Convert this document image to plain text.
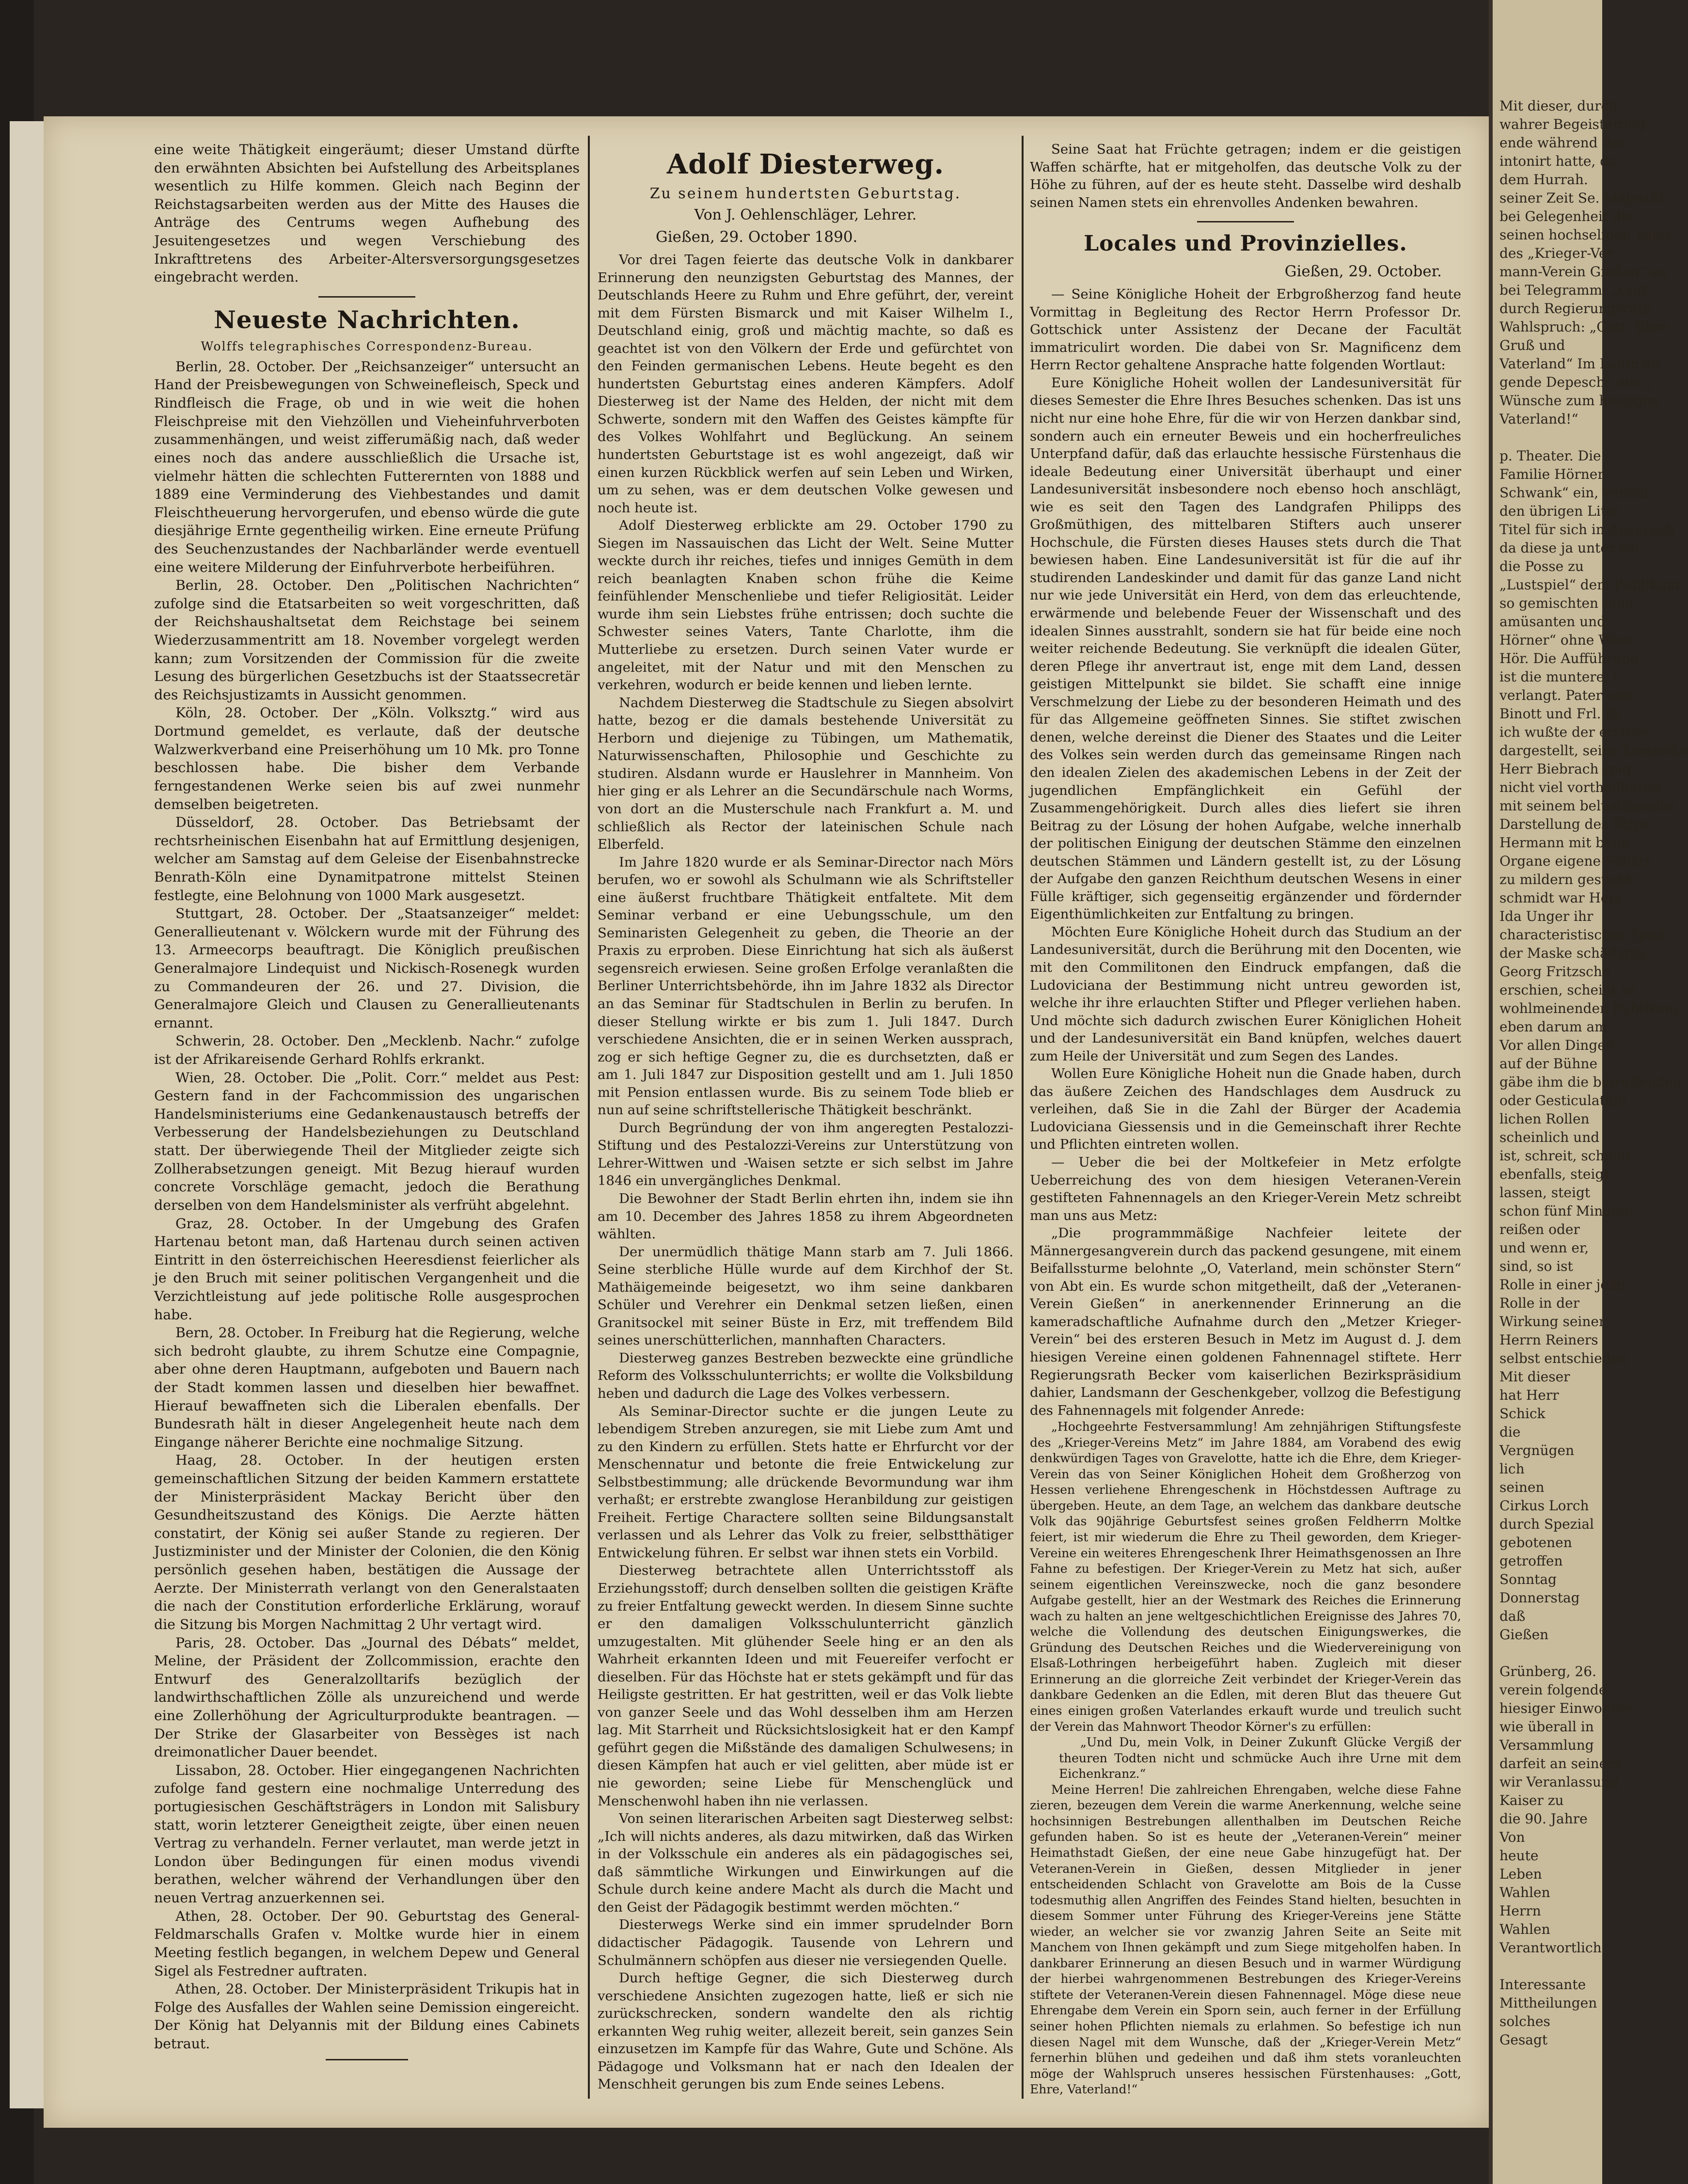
Mit dieser, durch
wahrer Begeisterung
ende während der
intonirt hatte, da
dem Hurrah.
seiner Zeit Se. Majestät
bei Gelegenheit der
seinen hochseligen Vater
des „Krieger-Ver
mann-Verein Gießen“ an
bei Telegramm: „Gott,
durch Regierungsrath
Wahlspruch: „Gott, Ehre
Gruß und
Vaterland“ Im Laufe de
gende Depesche ein: „
Wünsche zum heutigen
Vaterland!“

p. Theater. Die
Familie Hörner
Schwank“ ein, versch
den übrigen Liter
Titel für sich in Anspruch
da diese ja unter sol
die Posse zu
„Lustspiel“ dem Publikum
so gemischten Sinn
amüsanten und
Hörner“ ohne Wenn
Hör. Die Aufführung
ist die muntere, u
verlangt. Pater und
Binott und Frl. Bi
ich wußte der erstere
dargestellt, seine komische
Herr Biebrach zeig
nicht viel vortheilhafter
mit seinem belustigenden
Darstellung des Schwi
Hermann mit beim
Organe eigene Schärf
zu mildern gesucht
schmidt war Herr
Ida Unger ihr
characteristisches Spiel
der Maske schädigte.
Georg Fritzsche
erschien, scheint es
wohlmeinenden Publikum
eben darum am
Vor allen Dingen
auf der Bühne
gäbe ihm die betreffenden
oder Gesticulation
lichen Rollen
scheinlich und
ist, schreit, schnell
ebenfalls, steigt
lassen, steigt
schon fünf Minuten
reißen oder
und wenn er,
sind, so ist
Rolle in einer jede
Rolle in der
Wirkung seiner
Herrn Reiners
selbst entschieden
Mit dieser
hat Herr
Schick
die
Vergnügen
lich
seinen
Cirkus Lorch
durch Spezial
gebotenen
getroffen
Sonntag
Donnerstag
daß
Gießen

Grünberg, 26.
verein folgende
hiesiger Einwohner
wie überall in
Versammlung
darfeit an seinem
wir Veranlassung
Kaiser zu
die 90. Jahre
Von
heute
Leben
Wahlen
Herrn
Wahlen
Verantwortlich

Interessante
Mittheilungen
solches
Gesagt

eine weite Thätigkeit eingeräumt; dieser Umstand dürfte den erwähnten Absichten bei Aufstellung des Arbeitsplanes wesentlich zu Hilfe kommen. Gleich nach Beginn der Reichstagsarbeiten werden aus der Mitte des Hauses die Anträge des Centrums wegen Aufhebung des Jesuitengesetzes und wegen Verschiebung des Inkrafttretens des Arbeiter-Altersversorgungsgesetzes eingebracht werden.

Neueste Nachrichten.
Wolffs telegraphisches Correspondenz-Bureau.

Berlin, 28. October. Der „Reichsanzeiger“ untersucht an Hand der Preisbewegungen von Schweinefleisch, Speck und Rindfleisch die Frage, ob und in wie weit die hohen Fleischpreise mit den Viehzöllen und Vieheinfuhrverboten zusammenhängen, und weist zifferumäßig nach, daß weder eines noch das andere ausschließlich die Ursache ist, vielmehr hätten die schlechten Futterernten von 1888 und 1889 eine Verminderung des Viehbestandes und damit Fleischtheuerung hervorgerufen, und ebenso würde die gute diesjährige Ernte gegentheilig wirken. Eine erneute Prüfung des Seuchenzustandes der Nachbarländer werde eventuell eine weitere Milderung der Einfuhrverbote herbeiführen.

Berlin, 28. October. Den „Politischen Nachrichten“ zufolge sind die Etatsarbeiten so weit vorgeschritten, daß der Reichshaushaltsetat dem Reichstage bei seinem Wiederzusammentritt am 18. November vorgelegt werden kann; zum Vorsitzenden der Commission für die zweite Lesung des bürgerlichen Gesetzbuchs ist der Staatssecretär des Reichsjustizamts in Aussicht genommen.

Köln, 28. October. Der „Köln. Volksztg.“ wird aus Dortmund gemeldet, es verlaute, daß der deutsche Walzwerkverband eine Preiserhöhung um 10 Mk. pro Tonne beschlossen habe. Die bisher dem Verbande ferngestandenen Werke seien bis auf zwei nunmehr demselben beigetreten.

Düsseldorf, 28. October. Das Betriebsamt der rechtsrheinischen Eisenbahn hat auf Ermittlung desjenigen, welcher am Samstag auf dem Geleise der Eisenbahnstrecke Benrath-Köln eine Dynamitpatrone mittelst Steinen festlegte, eine Belohnung von 1000 Mark ausgesetzt.

Stuttgart, 28. October. Der „Staatsanzeiger“ meldet: Generallieutenant v. Wölckern wurde mit der Führung des 13. Armeecorps beauftragt. Die Königlich preußischen Generalmajore Lindequist und Nickisch-Rosenegk wurden zu Commandeuren der 26. und 27. Division, die Generalmajore Gleich und Clausen zu Generallieutenants ernannt.

Schwerin, 28. October. Den „Mecklenb. Nachr.“ zufolge ist der Afrikareisende Gerhard Rohlfs erkrankt.

Wien, 28. October. Die „Polit. Corr.“ meldet aus Pest: Gestern fand in der Fachcommission des ungarischen Handelsministeriums eine Gedankenaustausch betreffs der Verbesserung der Handelsbeziehungen zu Deutschland statt. Der überwiegende Theil der Mitglieder zeigte sich Zollherabsetzungen geneigt. Mit Bezug hierauf wurden concrete Vorschläge gemacht, jedoch die Berathung derselben von dem Handelsminister als verfrüht abgelehnt.

Graz, 28. October. In der Umgebung des Grafen Hartenau betont man, daß Hartenau durch seinen activen Eintritt in den österreichischen Heeresdienst feierlicher als je den Bruch mit seiner politischen Vergangenheit und die Verzichtleistung auf jede politische Rolle ausgesprochen habe.

Bern, 28. October. In Freiburg hat die Regierung, welche sich bedroht glaubte, zu ihrem Schutze eine Compagnie, aber ohne deren Hauptmann, aufgeboten und Bauern nach der Stadt kommen lassen und dieselben hier bewaffnet. Hierauf bewaffneten sich die Liberalen ebenfalls. Der Bundesrath hält in dieser Angelegenheit heute nach dem Eingange näherer Berichte eine nochmalige Sitzung.

Haag, 28. October. In der heutigen ersten gemeinschaftlichen Sitzung der beiden Kammern erstattete der Ministerpräsident Mackay Bericht über den Gesundheitszustand des Königs. Die Aerzte hätten constatirt, der König sei außer Stande zu regieren. Der Justizminister und der Minister der Colonien, die den König persönlich gesehen haben, bestätigen die Aussage der Aerzte. Der Ministerrath verlangt von den Generalstaaten die nach der Constitution erforderliche Erklärung, worauf die Sitzung bis Morgen Nachmittag 2 Uhr vertagt wird.

Paris, 28. October. Das „Journal des Débats“ meldet, Meline, der Präsident der Zollcommission, erachte den Entwurf des Generalzolltarifs bezüglich der landwirthschaftlichen Zölle als unzureichend und werde eine Zollerhöhung der Agriculturprodukte beantragen. — Der Strike der Glasarbeiter von Bessèges ist nach dreimonatlicher Dauer beendet.

Lissabon, 28. October. Hier eingegangenen Nachrichten zufolge fand gestern eine nochmalige Unterredung des portugiesischen Geschäftsträgers in London mit Salisbury statt, worin letzterer Geneigtheit zeigte, über einen neuen Vertrag zu verhandeln. Ferner verlautet, man werde jetzt in London über Bedingungen für einen modus vivendi berathen, welcher während der Verhandlungen über den neuen Vertrag anzuerkennen sei.

Athen, 28. October. Der 90. Geburtstag des General-Feldmarschalls Grafen v. Moltke wurde hier in einem Meeting festlich begangen, in welchem Depew und General Sigel als Festredner auftraten.

Athen, 28. October. Der Ministerpräsident Trikupis hat in Folge des Ausfalles der Wahlen seine Demission eingereicht. Der König hat Delyannis mit der Bildung eines Cabinets betraut.

Adolf Diesterweg.
Zu seinem hundertsten Geburtstag.
Von J. Oehlenschläger, Lehrer.
Gießen, 29. October 1890.

Vor drei Tagen feierte das deutsche Volk in dankbarer Erinnerung den neunzigsten Geburtstag des Mannes, der Deutschlands Heere zu Ruhm und Ehre geführt, der, vereint mit dem Fürsten Bismarck und mit Kaiser Wilhelm I., Deutschland einig, groß und mächtig machte, so daß es geachtet ist von den Völkern der Erde und gefürchtet von den Feinden germanischen Lebens. Heute begeht es den hundertsten Geburtstag eines anderen Kämpfers. Adolf Diesterweg ist der Name des Helden, der nicht mit dem Schwerte, sondern mit den Waffen des Geistes kämpfte für des Volkes Wohlfahrt und Beglückung. An seinem hundertsten Geburtstage ist es wohl angezeigt, daß wir einen kurzen Rückblick werfen auf sein Leben und Wirken, um zu sehen, was er dem deutschen Volke gewesen und noch heute ist.

Adolf Diesterweg erblickte am 29. October 1790 zu Siegen im Nassauischen das Licht der Welt. Seine Mutter weckte durch ihr reiches, tiefes und inniges Gemüth in dem reich beanlagten Knaben schon frühe die Keime feinfühlender Menschenliebe und tiefer Religiosität. Leider wurde ihm sein Liebstes frühe entrissen; doch suchte die Schwester seines Vaters, Tante Charlotte, ihm die Mutterliebe zu ersetzen. Durch seinen Vater wurde er angeleitet, mit der Natur und mit den Menschen zu verkehren, wodurch er beide kennen und lieben lernte.

Nachdem Diesterweg die Stadtschule zu Siegen absolvirt hatte, bezog er die damals bestehende Universität zu Herborn und diejenige zu Tübingen, um Mathematik, Naturwissenschaften, Philosophie und Geschichte zu studiren. Alsdann wurde er Hauslehrer in Mannheim. Von hier ging er als Lehrer an die Secundärschule nach Worms, von dort an die Musterschule nach Frankfurt a. M. und schließlich als Rector der lateinischen Schule nach Elberfeld.

Im Jahre 1820 wurde er als Seminar-Director nach Mörs berufen, wo er sowohl als Schulmann wie als Schriftsteller eine äußerst fruchtbare Thätigkeit entfaltete. Mit dem Seminar verband er eine Uebungsschule, um den Seminaristen Gelegenheit zu geben, die Theorie an der Praxis zu erproben. Diese Einrichtung hat sich als äußerst segensreich erwiesen. Seine großen Erfolge veranlaßten die Berliner Unterrichtsbehörde, ihn im Jahre 1832 als Director an das Seminar für Stadtschulen in Berlin zu berufen. In dieser Stellung wirkte er bis zum 1. Juli 1847. Durch verschiedene Ansichten, die er in seinen Werken aussprach, zog er sich heftige Gegner zu, die es durchsetzten, daß er am 1. Juli 1847 zur Disposition gestellt und am 1. Juli 1850 mit Pension entlassen wurde. Bis zu seinem Tode blieb er nun auf seine schriftstellerische Thätigkeit beschränkt.

Durch Begründung der von ihm angeregten Pestalozzi-Stiftung und des Pestalozzi-Vereins zur Unterstützung von Lehrer-Wittwen und -Waisen setzte er sich selbst im Jahre 1846 ein unvergängliches Denkmal.

Die Bewohner der Stadt Berlin ehrten ihn, indem sie ihn am 10. December des Jahres 1858 zu ihrem Abgeordneten wählten.

Der unermüdlich thätige Mann starb am 7. Juli 1866. Seine sterbliche Hülle wurde auf dem Kirchhof der St. Mathäigemeinde beigesetzt, wo ihm seine dankbaren Schüler und Verehrer ein Denkmal setzen ließen, einen Granitsockel mit seiner Büste in Erz, mit treffendem Bild seines unerschütterlichen, mannhaften Characters.

Diesterweg ganzes Bestreben bezweckte eine gründliche Reform des Volksschulunterrichts; er wollte die Volksbildung heben und dadurch die Lage des Volkes verbessern.

Als Seminar-Director suchte er die jungen Leute zu lebendigem Streben anzuregen, sie mit Liebe zum Amt und zu den Kindern zu erfüllen. Stets hatte er Ehrfurcht vor der Menschennatur und betonte die freie Entwickelung zur Selbstbestimmung; alle drückende Bevormundung war ihm verhaßt; er erstrebte zwanglose Heranbildung zur geistigen Freiheit. Fertige Charactere sollten seine Bildungsanstalt verlassen und als Lehrer das Volk zu freier, selbstthätiger Entwickelung führen. Er selbst war ihnen stets ein Vorbild.

Diesterweg betrachtete allen Unterrichtsstoff als Erziehungsstoff; durch denselben sollten die geistigen Kräfte zu freier Entfaltung geweckt werden. In diesem Sinne suchte er den damaligen Volksschulunterricht gänzlich umzugestalten. Mit glühender Seele hing er an den als Wahrheit erkannten Ideen und mit Feuereifer verfocht er dieselben. Für das Höchste hat er stets gekämpft und für das Heiligste gestritten. Er hat gestritten, weil er das Volk liebte von ganzer Seele und das Wohl desselben ihm am Herzen lag. Mit Starrheit und Rücksichtslosigkeit hat er den Kampf geführt gegen die Mißstände des damaligen Schulwesens; in diesen Kämpfen hat auch er viel gelitten, aber müde ist er nie geworden; seine Liebe für Menschenglück und Menschenwohl haben ihn nie verlassen.

Von seinen literarischen Arbeiten sagt Diesterweg selbst: „Ich will nichts anderes, als dazu mitwirken, daß das Wirken in der Volksschule ein anderes als ein pädagogisches sei, daß sämmtliche Wirkungen und Einwirkungen auf die Schule durch keine andere Macht als durch die Macht und den Geist der Pädagogik bestimmt werden möchten.“

Diesterwegs Werke sind ein immer sprudelnder Born didactischer Pädagogik. Tausende von Lehrern und Schulmännern schöpfen aus dieser nie versiegenden Quelle.

Durch heftige Gegner, die sich Diesterweg durch verschiedene Ansichten zugezogen hatte, ließ er sich nie zurückschrecken, sondern wandelte den als richtig erkannten Weg ruhig weiter, allezeit bereit, sein ganzes Sein einzusetzen im Kampfe für das Wahre, Gute und Schöne. Als Pädagoge und Volksmann hat er nach den Idealen der Menschheit gerungen bis zum Ende seines Lebens.

Seine Saat hat Früchte getragen; indem er die geistigen Waffen schärfte, hat er mitgeholfen, das deutsche Volk zu der Höhe zu führen, auf der es heute steht. Dasselbe wird deshalb seinen Namen stets ein ehrenvolles Andenken bewahren.

Locales und Provinzielles.
Gießen, 29. October.

— Seine Königliche Hoheit der Erbgroßherzog fand heute Vormittag in Begleitung des Rector Herrn Professor Dr. Gottschick unter Assistenz der Decane der Facultät immatriculirt worden. Die dabei von Sr. Magnificenz dem Herrn Rector gehaltene Ansprache hatte folgenden Wortlaut:

Eure Königliche Hoheit wollen der Landesuniversität für dieses Semester die Ehre Ihres Besuches schenken. Das ist uns nicht nur eine hohe Ehre, für die wir von Herzen dankbar sind, sondern auch ein erneuter Beweis und ein hocherfreuliches Unterpfand dafür, daß das erlauchte hessische Fürstenhaus die ideale Bedeutung einer Universität überhaupt und einer Landesuniversität insbesondere noch ebenso hoch anschlägt, wie es seit den Tagen des Landgrafen Philipps des Großmüthigen, des mittelbaren Stifters auch unserer Hochschule, die Fürsten dieses Hauses stets durch die That bewiesen haben. Eine Landesuniversität ist für die auf ihr studirenden Landeskinder und damit für das ganze Land nicht nur wie jede Universität ein Herd, von dem das erleuchtende, erwärmende und belebende Feuer der Wissenschaft und des idealen Sinnes ausstrahlt, sondern sie hat für beide eine noch weiter reichende Bedeutung. Sie verknüpft die idealen Güter, deren Pflege ihr anvertraut ist, enge mit dem Land, dessen geistigen Mittelpunkt sie bildet. Sie schafft eine innige Verschmelzung der Liebe zu der besonderen Heimath und des für das Allgemeine geöffneten Sinnes. Sie stiftet zwischen denen, welche dereinst die Diener des Staates und die Leiter des Volkes sein werden durch das gemeinsame Ringen nach den idealen Zielen des akademischen Lebens in der Zeit der jugendlichen Empfänglichkeit ein Gefühl der Zusammengehörigkeit. Durch alles dies liefert sie ihren Beitrag zu der Lösung der hohen Aufgabe, welche innerhalb der politischen Einigung der deutschen Stämme den einzelnen deutschen Stämmen und Ländern gestellt ist, zu der Lösung der Aufgabe den ganzen Reichthum deutschen Wesens in einer Fülle kräftiger, sich gegenseitig ergänzender und fördernder Eigenthümlichkeiten zur Entfaltung zu bringen.

Möchten Eure Königliche Hoheit durch das Studium an der Landesuniversität, durch die Berührung mit den Docenten, wie mit den Commilitonen den Eindruck empfangen, daß die Ludoviciana der Bestimmung nicht untreu geworden ist, welche ihr ihre erlauchten Stifter und Pfleger verliehen haben. Und möchte sich dadurch zwischen Eurer Königlichen Hoheit und der Landesuniversität ein Band knüpfen, welches dauert zum Heile der Universität und zum Segen des Landes.

Wollen Eure Königliche Hoheit nun die Gnade haben, durch das äußere Zeichen des Handschlages dem Ausdruck zu verleihen, daß Sie in die Zahl der Bürger der Academia Ludoviciana Giessensis und in die Gemeinschaft ihrer Rechte und Pflichten eintreten wollen.

— Ueber die bei der Moltkefeier in Metz erfolgte Ueberreichung des von dem hiesigen Veteranen-Verein gestifteten Fahnennagels an den Krieger-Verein Metz schreibt man uns aus Metz:

„Die programmmäßige Nachfeier leitete der Männergesangverein durch das packend gesungene, mit einem Beifallssturme belohnte „O, Vaterland, mein schönster Stern“ von Abt ein. Es wurde schon mitgetheilt, daß der „Veteranen-Verein Gießen“ in anerkennender Erinnerung an die kameradschaftliche Aufnahme durch den „Metzer Krieger-Verein“ bei des ersteren Besuch in Metz im August d. J. dem hiesigen Vereine einen goldenen Fahnennagel stiftete. Herr Regierungsrath Becker vom kaiserlichen Bezirkspräsidium dahier, Landsmann der Geschenkgeber, vollzog die Befestigung des Fahnennagels mit folgender Anrede:

„Hochgeehrte Festversammlung! Am zehnjährigen Stiftungsfeste des „Krieger-Vereins Metz“ im Jahre 1884, am Vorabend des ewig denkwürdigen Tages von Gravelotte, hatte ich die Ehre, dem Krieger-Verein das von Seiner Königlichen Hoheit dem Großherzog von Hessen verliehene Ehrengeschenk in Höchstdessen Auftrage zu übergeben. Heute, an dem Tage, an welchem das dankbare deutsche Volk das 90jährige Geburtsfest seines großen Feldherrn Moltke feiert, ist mir wiederum die Ehre zu Theil geworden, dem Krieger-Vereine ein weiteres Ehrengeschenk Ihrer Heimathsgenossen an Ihre Fahne zu befestigen. Der Krieger-Verein zu Metz hat sich, außer seinem eigentlichen Vereinszwecke, noch die ganz besondere Aufgabe gestellt, hier an der Westmark des Reiches die Erinnerung wach zu halten an jene weltgeschichtlichen Ereignisse des Jahres 70, welche die Vollendung des deutschen Einigungswerkes, die Gründung des Deutschen Reiches und die Wiedervereinigung von Elsaß-Lothringen herbeigeführt haben. Zugleich mit dieser Erinnerung an die glorreiche Zeit verbindet der Krieger-Verein das dankbare Gedenken an die Edlen, mit deren Blut das theuere Gut eines einigen großen Vaterlandes erkauft wurde und treulich sucht der Verein das Mahnwort Theodor Körner's zu erfüllen:

„Und Du, mein Volk, in Deiner Zukunft Glücke Vergiß der theuren Todten nicht und schmücke Auch ihre Urne mit dem Eichenkranz.“

Meine Herren! Die zahlreichen Ehrengaben, welche diese Fahne zieren, bezeugen dem Verein die warme Anerkennung, welche seine hochsinnigen Bestrebungen allenthalben im Deutschen Reiche gefunden haben. So ist es heute der „Veteranen-Verein“ meiner Heimathstadt Gießen, der eine neue Gabe hinzugefügt hat. Der Veteranen-Verein in Gießen, dessen Mitglieder in jener entscheidenden Schlacht von Gravelotte am Bois de la Cusse todesmuthig allen Angriffen des Feindes Stand hielten, besuchten in diesem Sommer unter Führung des Krieger-Vereins jene Stätte wieder, an welcher sie vor zwanzig Jahren Seite an Seite mit Manchem von Ihnen gekämpft und zum Siege mitgeholfen haben. In dankbarer Erinnerung an diesen Besuch und in warmer Würdigung der hierbei wahrgenommenen Bestrebungen des Krieger-Vereins stiftete der Veteranen-Verein diesen Fahnennagel. Möge diese neue Ehrengabe dem Verein ein Sporn sein, auch ferner in der Erfüllung seiner hohen Pflichten niemals zu erlahmen. So befestige ich nun diesen Nagel mit dem Wunsche, daß der „Krieger-Verein Metz“ fernerhin blühen und gedeihen und daß ihm stets voranleuchten möge der Wahlspruch unseres hessischen Fürstenhauses: „Gott, Ehre, Vaterland!“
